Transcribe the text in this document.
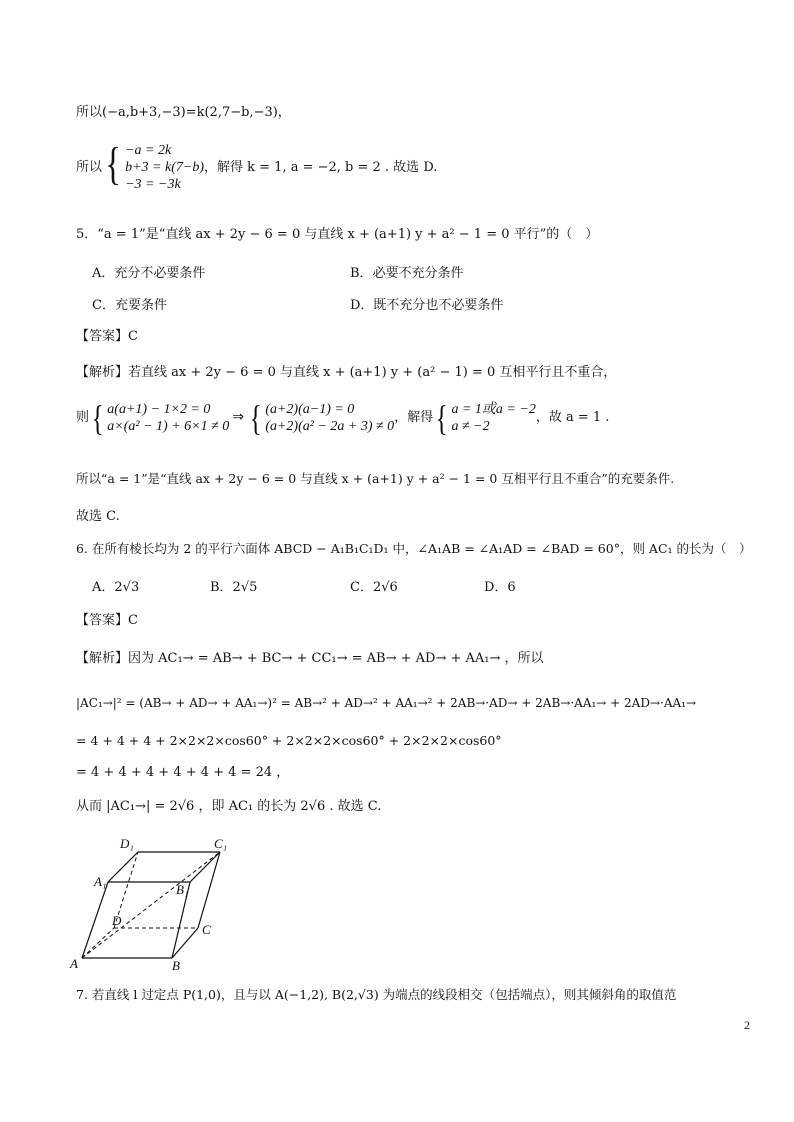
所以(−a,b+3,−3)=k(2,7−b,−3)，
所以 { −a = 2k
b+3 = k(7−b)
−3 = −3k
，解得 k = 1, a = −2, b = 2 . 故选 D.
5．“a = 1”是“直线 ax + 2y − 6 = 0 与直线 x + (a+1) y + a² − 1 = 0 平行”的（　）
A．充分不必要条件	B．必要不充分条件
C．充要条件	D．既不充分也不必要条件
【答案】C
【解析】若直线 ax + 2y − 6 = 0 与直线 x + (a+1) y + (a² − 1) = 0 互相平行且不重合，
则 { a(a+1) − 1×2 = 0
a×(a² − 1) + 6×1 ≠ 0
⇒ { (a+2)(a−1) = 0
(a+2)(a² − 2a + 3) ≠ 0
，解得 { a = 1或a = −2
a ≠ −2
，故 a = 1 .
所以“a = 1”是“直线 ax + 2y − 6 = 0 与直线 x + (a+1) y + a² − 1 = 0 互相平行且不重合”的充要条件.
故选 C.
6. 在所有棱长均为 2 的平行六面体 ABCD − A₁B₁C₁D₁ 中，∠A₁AB = ∠A₁AD = ∠BAD = 60°，则 AC₁ 的长为（　）
A．2√3	B．2√5	C．2√6	D．6
【答案】C
【解析】因为 AC₁→ = AB→ + BC→ + CC₁→ = AB→ + AD→ + AA₁→ ，所以
|AC₁→|² = (AB→ + AD→ + AA₁→)² = AB→² + AD→² + AA₁→² + 2AB→·AD→ + 2AB→·AA₁→ + 2AD→·AA₁→
= 4 + 4 + 4 + 2×2×2×cos60° + 2×2×2×cos60° + 2×2×2×cos60°
= 4 + 4 + 4 + 4 + 4 + 4 = 24 ，
从而 |AC₁→| = 2√6 ，即 AC₁ 的长为 2√6 . 故选 C.
D₁	C₁
A₁
B₁
D
C
A	B
7. 若直线 l 过定点 P(1,0)，且与以 A(−1,2), B(2,√3) 为端点的线段相交（包括端点），则其倾斜角的取值范
2
